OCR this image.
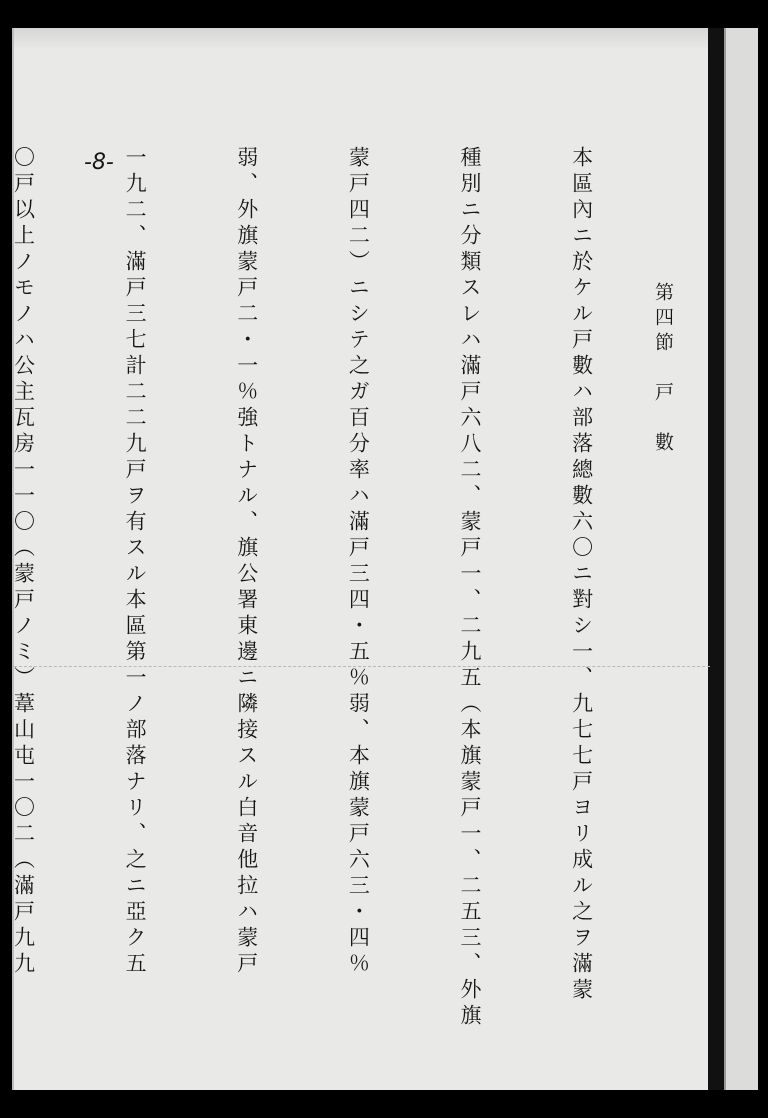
第四節　戸　數
-8-

	本區內ニ於ケル戸數ハ部落總數六〇ニ對シ一、九七七戸ヨリ成ル之ヲ滿蒙

種別ニ分類スレハ滿戸六八二、蒙戸一、二九五（本旗蒙戸一、二五三、外旗

蒙戸四二）ニシテ之ガ百分率ハ滿戸三四・五％弱、本旗蒙戸六三・四％

弱、外旗蒙戸二・一％強トナル、旗公署東邊ニ隣接スル白音他拉ハ蒙戸

一九二、滿戸三七計二二九戸ヲ有スル本區第一ノ部落ナリ、之ニ亞ク五

〇戸以上ノモノハ公主瓦房一一〇（蒙戸ノミ）葦山屯一〇二（滿戸九九
